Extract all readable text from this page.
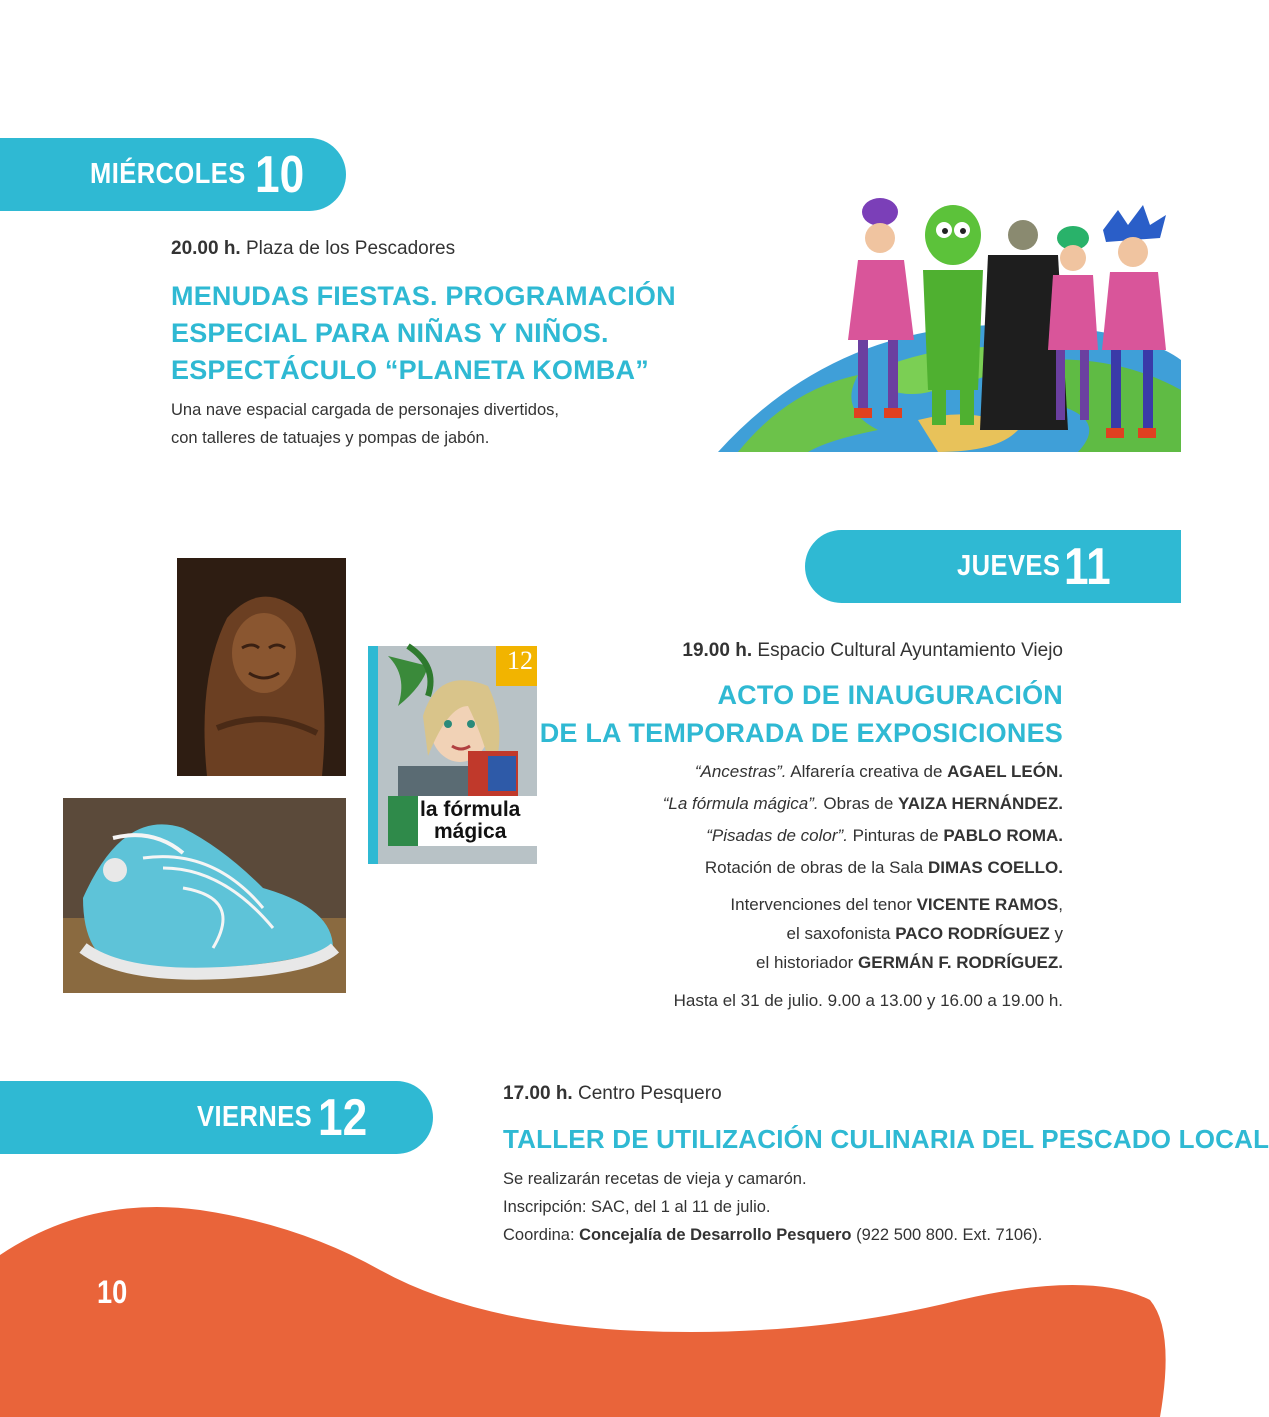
MIÉRCOLES 10
20.00 h. Plaza de los Pescadores
MENUDAS FIESTAS. PROGRAMACIÓN
ESPECIAL PARA NIÑAS Y NIÑOS.
ESPECTÁCULO “PLANETA KOMBA”
Una nave espacial cargada de personajes divertidos,
con talleres de tatuajes y pompas de jabón.
JUEVES 11
19.00 h. Espacio Cultural Ayuntamiento Viejo
ACTO DE INAUGURACIÓN
DE LA TEMPORADA DE EXPOSICIONES

“Ancestras”. Alfarería creativa de AGAEL LEÓN.

“La fórmula mágica”. Obras de YAIZA HERNÁNDEZ.

“Pisadas de color”. Pinturas de PABLO ROMA.

Rotación de obras de la Sala DIMAS COELLO.

Intervenciones del tenor VICENTE RAMOS,

el saxofonista PACO RODRÍGUEZ y

el historiador GERMÁN F. RODRÍGUEZ.

Hasta el 31 de julio. 9.00 a 13.00 y 16.00 a 19.00 h.

12
la fórmula
mágica
VIERNES 12	17.00 h. Centro Pesquero
TALLER DE UTILIZACIÓN CULINARIA DEL PESCADO LOCAL
Se realizarán recetas de vieja y camarón.
Inscripción: SAC, del 1 al 11 de julio.
Coordina: Concejalía de Desarrollo Pesquero (922 500 800. Ext. 7106).
10
